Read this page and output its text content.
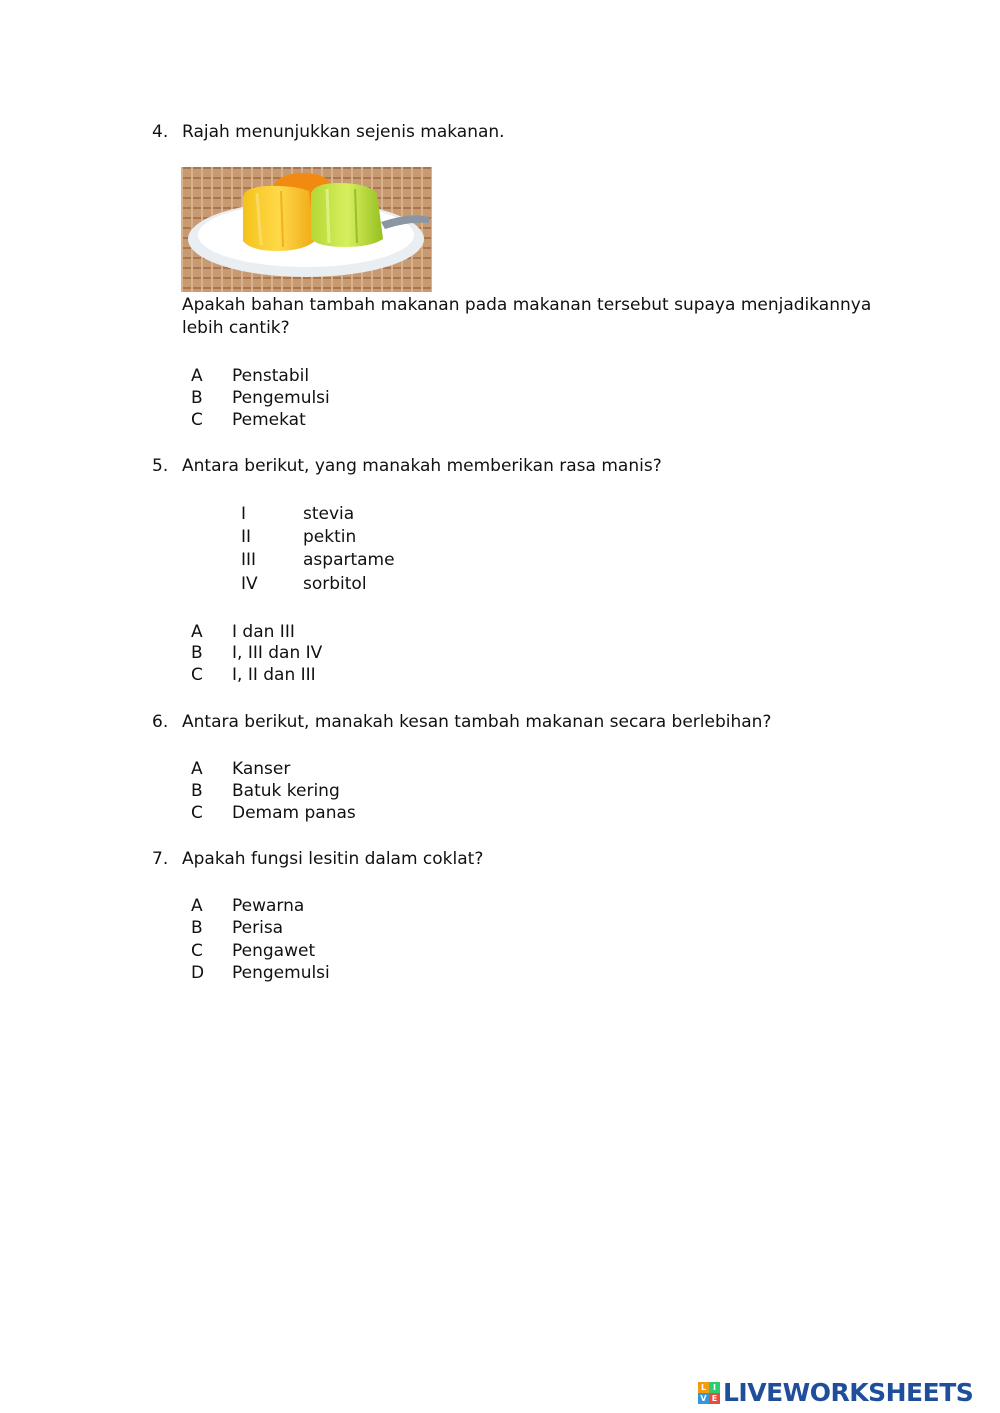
4. Rajah menunjukkan sejenis makanan.
Apakah bahan tambah makanan pada makanan tersebut supaya menjadikannya
lebih cantik?
A Penstabil
B Pengemulsi
C Pemekat
5. Antara berikut, yang manakah memberikan rasa manis?
I	stevia
II	pektin
III	aspartame
IV	sorbitol
A I dan III
B I, III dan IV
C I, II dan III
6. Antara berikut, manakah kesan tambah makanan secara berlebihan?
A Kanser
B Batuk kering
C Demam panas
7. Apakah fungsi lesitin dalam coklat?
A Pewarna
B Perisa
C Pengawet
D Pengemulsi
L I
V E LIVEWORKSHEETS
